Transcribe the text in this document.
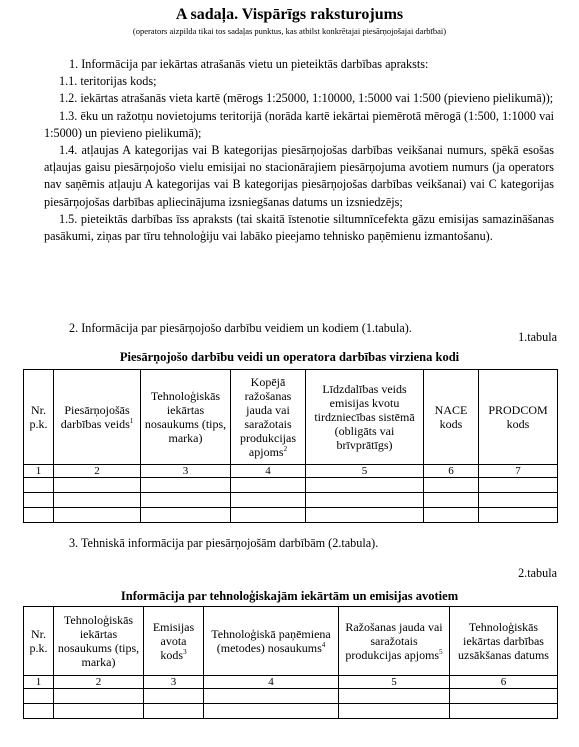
A sadaļa. Vispārīgs raksturojums
(operators aizpilda tikai tos sadaļas punktus, kas atbilst konkrētajai piesārņojošajai darbībai)
1. Informācija par iekārtas atrašanās vietu un pieteiktās darbības apraksts:
1.1. teritorijas kods;
1.2. iekārtas atrašanās vieta kartē (mērogs 1:25000, 1:10000, 1:5000 vai 1:500 (pievieno pielikumā));
1.3. ēku un ražotņu novietojums teritorijā (norāda kartē iekārtai piemērotā mērogā (1:500, 1:1000 vai 1:5000) un pievieno pielikumā);
1.4. atļaujas A kategorijas vai B kategorijas piesārņojošas darbības veikšanai numurs, spēkā esošas atļaujas gaisu piesārņojošo vielu emisijai no stacionārajiem piesārņojuma avotiem numurs (ja operators nav saņēmis atļauju A kategorijas vai B kategorijas piesārņojošas darbības veikšanai) vai C kategorijas piesārņojošas darbības apliecinājuma izsniegšanas datums un izsniedzējs;
1.5. pieteiktās darbības īss apraksts (tai skaitā īstenotie siltumnīcefekta gāzu emisijas samazināšanas pasākumi, ziņas par tīru tehnoloģiju vai labāko pieejamo tehnisko paņēmienu izmantošanu).
2. Informācija par piesārņojošo darbību veidiem un kodiem (1.tabula).
1.tabula
Piesārņojošo darbību veidi un operatora darbības virziena kodi
Nr. p.k.	Piesārņojošās darbības veids$^1$	Tehnoloģiskās iekārtas nosaukums (tips, marka)	Kopējā ražošanas jauda vai saražotais produkcijas apjoms$^2$	Līdzdalības veids emisijas kvotu tirdzniecības sistēmā (obligāts vai brīvprātīgs)	NACE kods	PRODCOM kods
1	2	3	4	5	6	7

3. Tehniskā informācija par piesārņojošām darbībām (2.tabula).
2.tabula
Informācija par tehnoloģiskajām iekārtām un emisijas avotiem
Nr. p.k.	Tehnoloģiskās iekārtas nosaukums (tips, marka)	Emisijas avota kods$^3$	Tehnoloģiskā paņēmiena (metodes) nosaukums$^4$	Ražošanas jauda vai saražotais produkcijas apjoms$^5$	Tehnoloģiskās iekārtas darbības uzsākšanas datums
1	2	3	4	5	6
